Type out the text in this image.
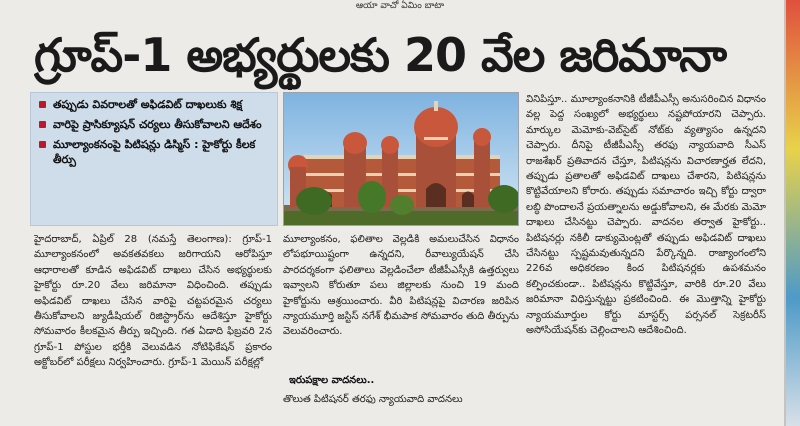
ఆయా వాచో ఏమిం బాటా
గ్రూప్-1 అభ్యర్థులకు 20 వేల జరిమానా
తప్పుడు వివరాలతో అఫిడవిట్ దాఖలుకు శిక్ష
వారిపై ప్రాసిక్యూషన్ చర్యలు తీసుకోవాలని ఆదేశం
మూల్యాంకనంపై పిటిషన్లు డిస్మిస్ : హైకోర్టు కీలక తీర్పు

హైదరాబాద్, ఏప్రిల్ 28 (నమస్తే తెలంగాణ): గ్రూప్-1 మూల్యాంకనంలో అవకతవకలు జరిగాయని ఆరోపిస్తూ ఆధారాలతో కూడిన అఫిడవిట్ దాఖలు చేసిన అభ్యర్థులకు హైకోర్టు రూ.20 వేలు జరిమానా విధించింది. తప్పుడు అఫిడవిట్ దాఖలు చేసిన వారిపై చట్టపరమైన చర్యలు తీసుకోవాలని జ్యుడీషియల్ రిజిస్ట్రార్‌ను ఆదేశిస్తూ హైకోర్టు సోమవారం కీలకమైన తీర్పు ఇచ్చింది. గత ఏడాది ఫిబ్రవరి 2న గ్రూప్-1 పోస్టుల భర్తీకి వెలువడిన నోటిఫికేషన్ ప్రకారం అక్టోబర్‌లో పరీక్షలు నిర్వహించారు. గ్రూప్-1 మెయిన్ పరీక్షల్లో

మూల్యాంకనం, ఫలితాల వెల్లడికి అమలుచేసిన విధానం లోపభూయిష్టంగా ఉన్నదని, రీవాల్యుయేషన్ చేసి పారదర్శకంగా ఫలితాలు వెల్లడించేలా టీజీపీఎస్సీకి ఉత్తర్వులు ఇవ్వాలని కోరుతూ పలు జిల్లాలకు నుంచి 19 మంది హైకోర్టును ఆశ్రయించారు. వీరి పిటిషన్లపై విచారణ జరిపిన న్యాయమూర్తి జస్టిస్ నగేశ్ భీమపాక సోమవారం తుది తీర్పును వెలువరించారు.

ఇరుపక్షాల వాదనలు..
తొలుత పిటిషనర్ తరఫు న్యాయవాది వాదనలు

వినిపిస్తూ.. మూల్యాంకనానికి టీజీపీఎస్సీ అనుసరించిన విధానం వల్ల పెద్ద సంఖ్యలో అభ్యర్థులు నష్టపోయారని చెప్పారు. మార్కుల మెమోకు-వెబ్‌సైట్ నోట్‌కు వ్యత్యాసం ఉన్నదని చెప్పారు. దీనిపై టీజీపీఎస్సీ తరఫు న్యాయవాది సీఎస్ రాజశేఖర్ ప్రతివాదన చేస్తూ, పిటిషన్లను విచారణార్హత లేదని, తప్పుడు ప్రతాలతో అఫిడవిట్ దాఖలు చేశారని, పిటిషన్లను కొట్టివేయాలని కోరారు. తప్పుడు సమాచారం ఇచ్చి కోర్టు ద్వారా లబ్ధి పొందాలనే ప్రయత్నాలను అడ్డుకోవాలని, ఈ మేరకు మెమో దాఖలు చేసినట్టు చెప్పారు. వాదనల తర్వాత హైకోర్టు.. పిటిషనర్లు నకిలీ డాక్యుమెంట్లతో తప్పుడు అఫిడవిట్ దాఖలు చేసినట్టు స్పష్టమవుతున్నదని పేర్కొన్నది. రాజ్యాంగంలోని 226వ అధికరణం కింద పిటిషనర్లకు ఉపశమనం కల్పించకుండా.. పిటిషన్లను కొట్టివేస్తూ, వారికి రూ.20 వేలు జరిమానా విధిస్తున్నట్టు ప్రకటించింది. ఈ మొత్తాన్ని హైకోర్టు న్యాయమూర్తుల కోర్టు మాస్టర్స్ పర్సనల్ సెక్రటరీస్ అసోసియేషన్‌కు చెల్లించాలని ఆదేశించింది.
